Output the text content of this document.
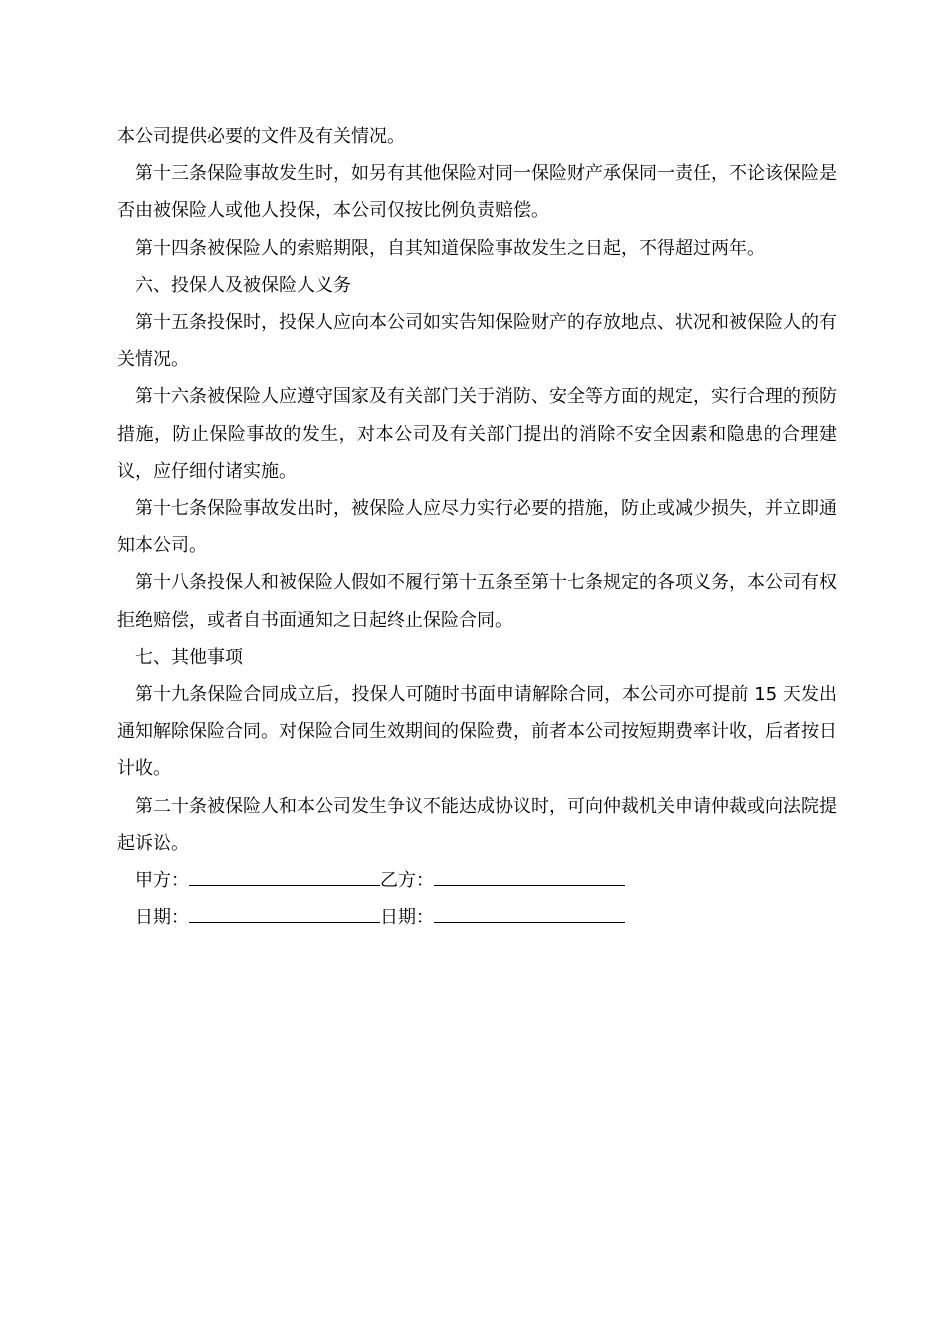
本公司提供必要的文件及有关情况。

第十三条保险事故发生时，如另有其他保险对同一保险财产承保同一责任，不论该保险是否由被保险人或他人投保，本公司仅按比例负责赔偿。

第十四条被保险人的索赔期限，自其知道保险事故发生之日起，不得超过两年。

六、投保人及被保险人义务

第十五条投保时，投保人应向本公司如实告知保险财产的存放地点、状况和被保险人的有关情况。

第十六条被保险人应遵守国家及有关部门关于消防、安全等方面的规定，实行合理的预防措施，防止保险事故的发生，对本公司及有关部门提出的消除不安全因素和隐患的合理建议，应仔细付诸实施。

第十七条保险事故发出时，被保险人应尽力实行必要的措施，防止或减少损失，并立即通知本公司。

第十八条投保人和被保险人假如不履行第十五条至第十七条规定的各项义务，本公司有权拒绝赔偿，或者自书面通知之日起终止保险合同。

七、其他事项

第十九条保险合同成立后，投保人可随时书面申请解除合同，本公司亦可提前 15 天发出通知解除保险合同。对保险合同生效期间的保险费，前者本公司按短期费率计收，后者按日计收。

第二十条被保险人和本公司发生争议不能达成协议时，可向仲裁机关申请仲裁或向法院提起诉讼。

甲方：	乙方：
日期：	日期：
